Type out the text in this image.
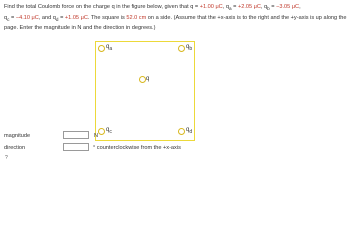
Find the total Coulomb force on the charge q in the figure below, given that q = +1.00 μC, $q_a = +2.05$ μC, $q_b = -3.05$ μC,
$q_c = -4.10$ μC, and $q_d = +1.05$ μC. The square is 52.0 cm on a side. (Assume that the +x-axis is to the right and the +y-axis is up along the page. Enter the magnitude in N and the direction in degrees.)
$q_a$	$q_b$
q
$q_c$	$q_d$
magnitude	N
direction	° counterclockwise from the +x-axis
?
